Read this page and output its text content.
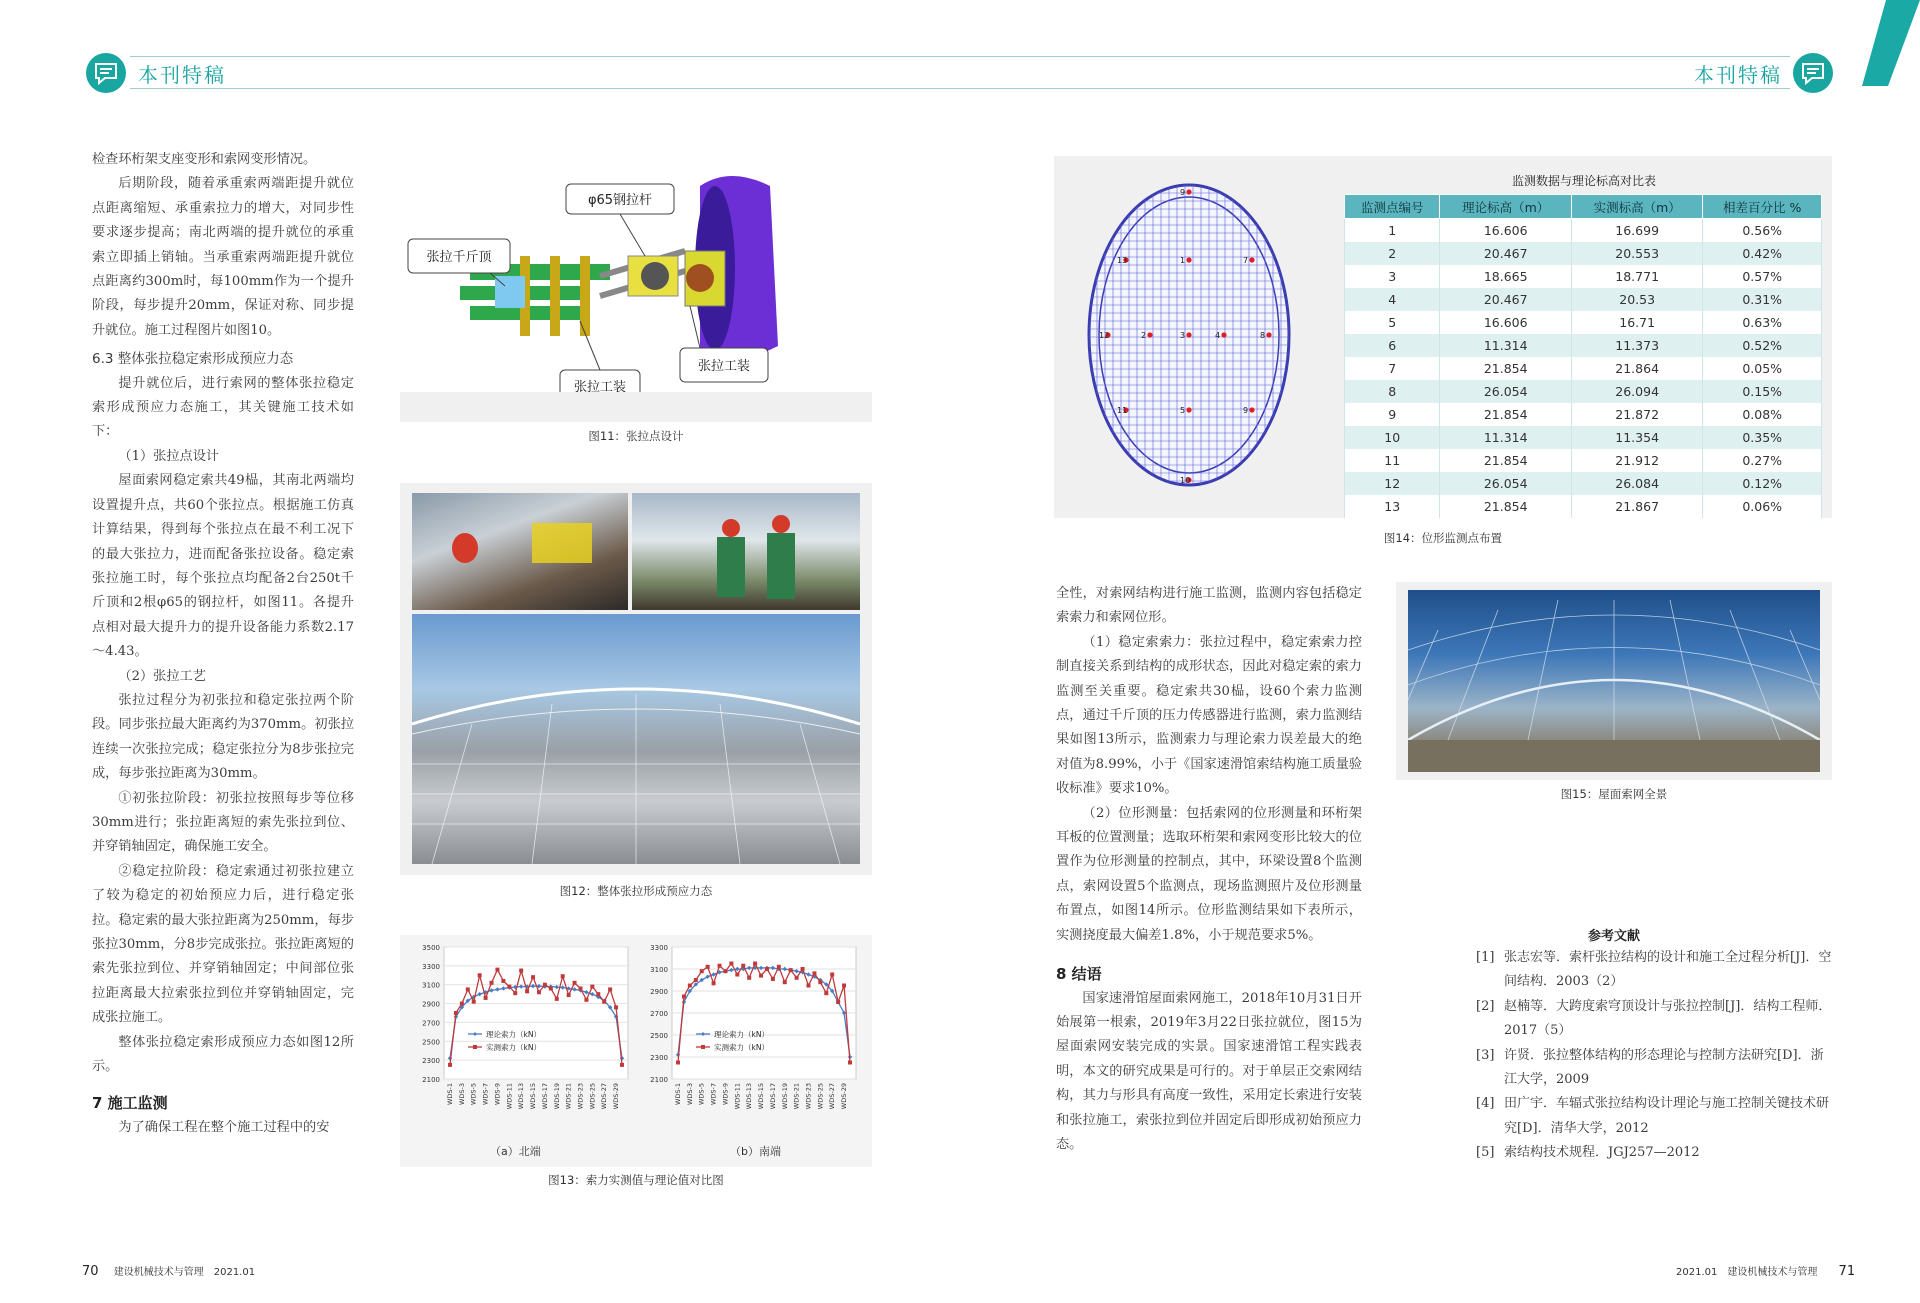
本刊特稿	本刊特稿

检查环桁架支座变形和索网变形情况。

后期阶段，随着承重索两端距提升就位点距离缩短、承重索拉力的增大，对同步性要求逐步提高；南北两端的提升就位的承重索立即插上销轴。当承重索两端距提升就位点距离约300m时，每100mm作为一个提升阶段，每步提升20mm，保证对称、同步提升就位。施工过程图片如图10。

6.3 整体张拉稳定索形成预应力态

提升就位后，进行索网的整体张拉稳定索形成预应力态施工，其关键施工技术如下：

（1）张拉点设计

屋面索网稳定索共49榀，其南北两端均设置提升点，共60个张拉点。根据施工仿真计算结果，得到每个张拉点在最不利工况下的最大张拉力，进而配备张拉设备。稳定索张拉施工时，每个张拉点均配备2台250t千斤顶和2根φ65的钢拉杆，如图11。各提升点相对最大提升力的提升设备能力系数2.17～4.43。

（2）张拉工艺

张拉过程分为初张拉和稳定张拉两个阶段。同步张拉最大距离约为370mm。初张拉连续一次张拉完成；稳定张拉分为8步张拉完成，每步张拉距离为30mm。

①初张拉阶段：初张拉按照每步等位移30mm进行；张拉距离短的索先张拉到位、并穿销轴固定，确保施工安全。

②稳定拉阶段：稳定索通过初张拉建立了较为稳定的初始预应力后，进行稳定张拉。稳定索的最大张拉距离为250mm，每步张拉30mm，分8步完成张拉。张拉距离短的索先张拉到位、并穿销轴固定；中间部位张拉距离最大拉索张拉到位并穿销轴固定，完成张拉施工。

整体张拉稳定索形成预应力态如图12所示。

7 施工监测

为了确保工程在整个施工过程中的安

φ65钢拉杆
张拉千斤顶
张拉工装
张拉工装
图11：张拉点设计
图12：整体张拉形成预应力态
2100
2300
2500
2700
2900
3100
3300
3500
WDS-1 WDS-3 WDS-5 WDS-7 WDS-9 WDS-11 WDS-13 WDS-15 WDS-17 WDS-19 WDS-21 WDS-23 WDS-25 WDS-27 WDS-29
理论索力（kN）
实测索力（kN）
2100
2300
2500
2700
2900
3100
3300
WDS-1 WDS-3 WDS-5 WDS-7 WDS-9 WDS-11 WDS-13 WDS-15 WDS-17 WDS-19 WDS-21 WDS-23 WDS-25 WDS-27 WDS-29
理论索力（kN）
实测索力（kN）
（a）北端	（b）南端
图13：索力实测值与理论值对比图
13	1	7
9
12	2	3	4	8
11	5	9
10
监测数据与理论标高对比表
监测点编号	理论标高（m）	实测标高（m）	相差百分比 %
1	16.606	16.699	0.56%
2	20.467	20.553	0.42%
3	18.665	18.771	0.57%
4	20.467	20.53	0.31%
5	16.606	16.71	0.63%
6	11.314	11.373	0.52%
7	21.854	21.864	0.05%
8	26.054	26.094	0.15%
9	21.854	21.872	0.08%
10	11.314	11.354	0.35%
11	21.854	21.912	0.27%
12	26.054	26.084	0.12%
13	21.854	21.867	0.06%
图14：位形监测点布置

全性，对索网结构进行施工监测，监测内容包括稳定索索力和索网位形。

（1）稳定索索力：张拉过程中，稳定索索力控制直接关系到结构的成形状态，因此对稳定索的索力监测至关重要。稳定索共30榀，设60个索力监测点，通过千斤顶的压力传感器进行监测，索力监测结果如图13所示，监测索力与理论索力误差最大的绝对值为8.99%，小于《国家速滑馆索结构施工质量验收标准》要求10%。

（2）位形测量：包括索网的位形测量和环桁架耳板的位置测量；选取环桁架和索网变形比较大的位置作为位形测量的控制点，其中，环梁设置8个监测点，索网设置5个监测点，现场监测照片及位形测量布置点，如图14所示。位形监测结果如下表所示，实测挠度最大偏差1.8%，小于规范要求5%。

8 结语

国家速滑馆屋面索网施工，2018年10月31日开始展第一根索，2019年3月22日张拉就位，图15为屋面索网安装完成的实景。国家速滑馆工程实践表明，本文的研究成果是可行的。对于单层正交索网结构，其力与形具有高度一致性，采用定长索进行安装和张拉施工，索张拉到位并固定后即形成初始预应力态。

图15：屋面索网全景
参考文献
[1] 张志宏等．索杆张拉结构的设计和施工全过程分析[J]．空间结构．2003（2）
[2] 赵楠等．大跨度索穹顶设计与张拉控制[J]．结构工程师．2017（5）
[3] 许贤．张拉整体结构的形态理论与控制方法研究[D]．浙江大学，2009
[4] 田广宇．车辐式张拉结构设计理论与施工控制关键技术研究[D]．清华大学，2012
[5] 索结构技术规程．JGJ257—2012
70 建设机械技术与管理　2021.01	2021.01　建设机械技术与管理 71
